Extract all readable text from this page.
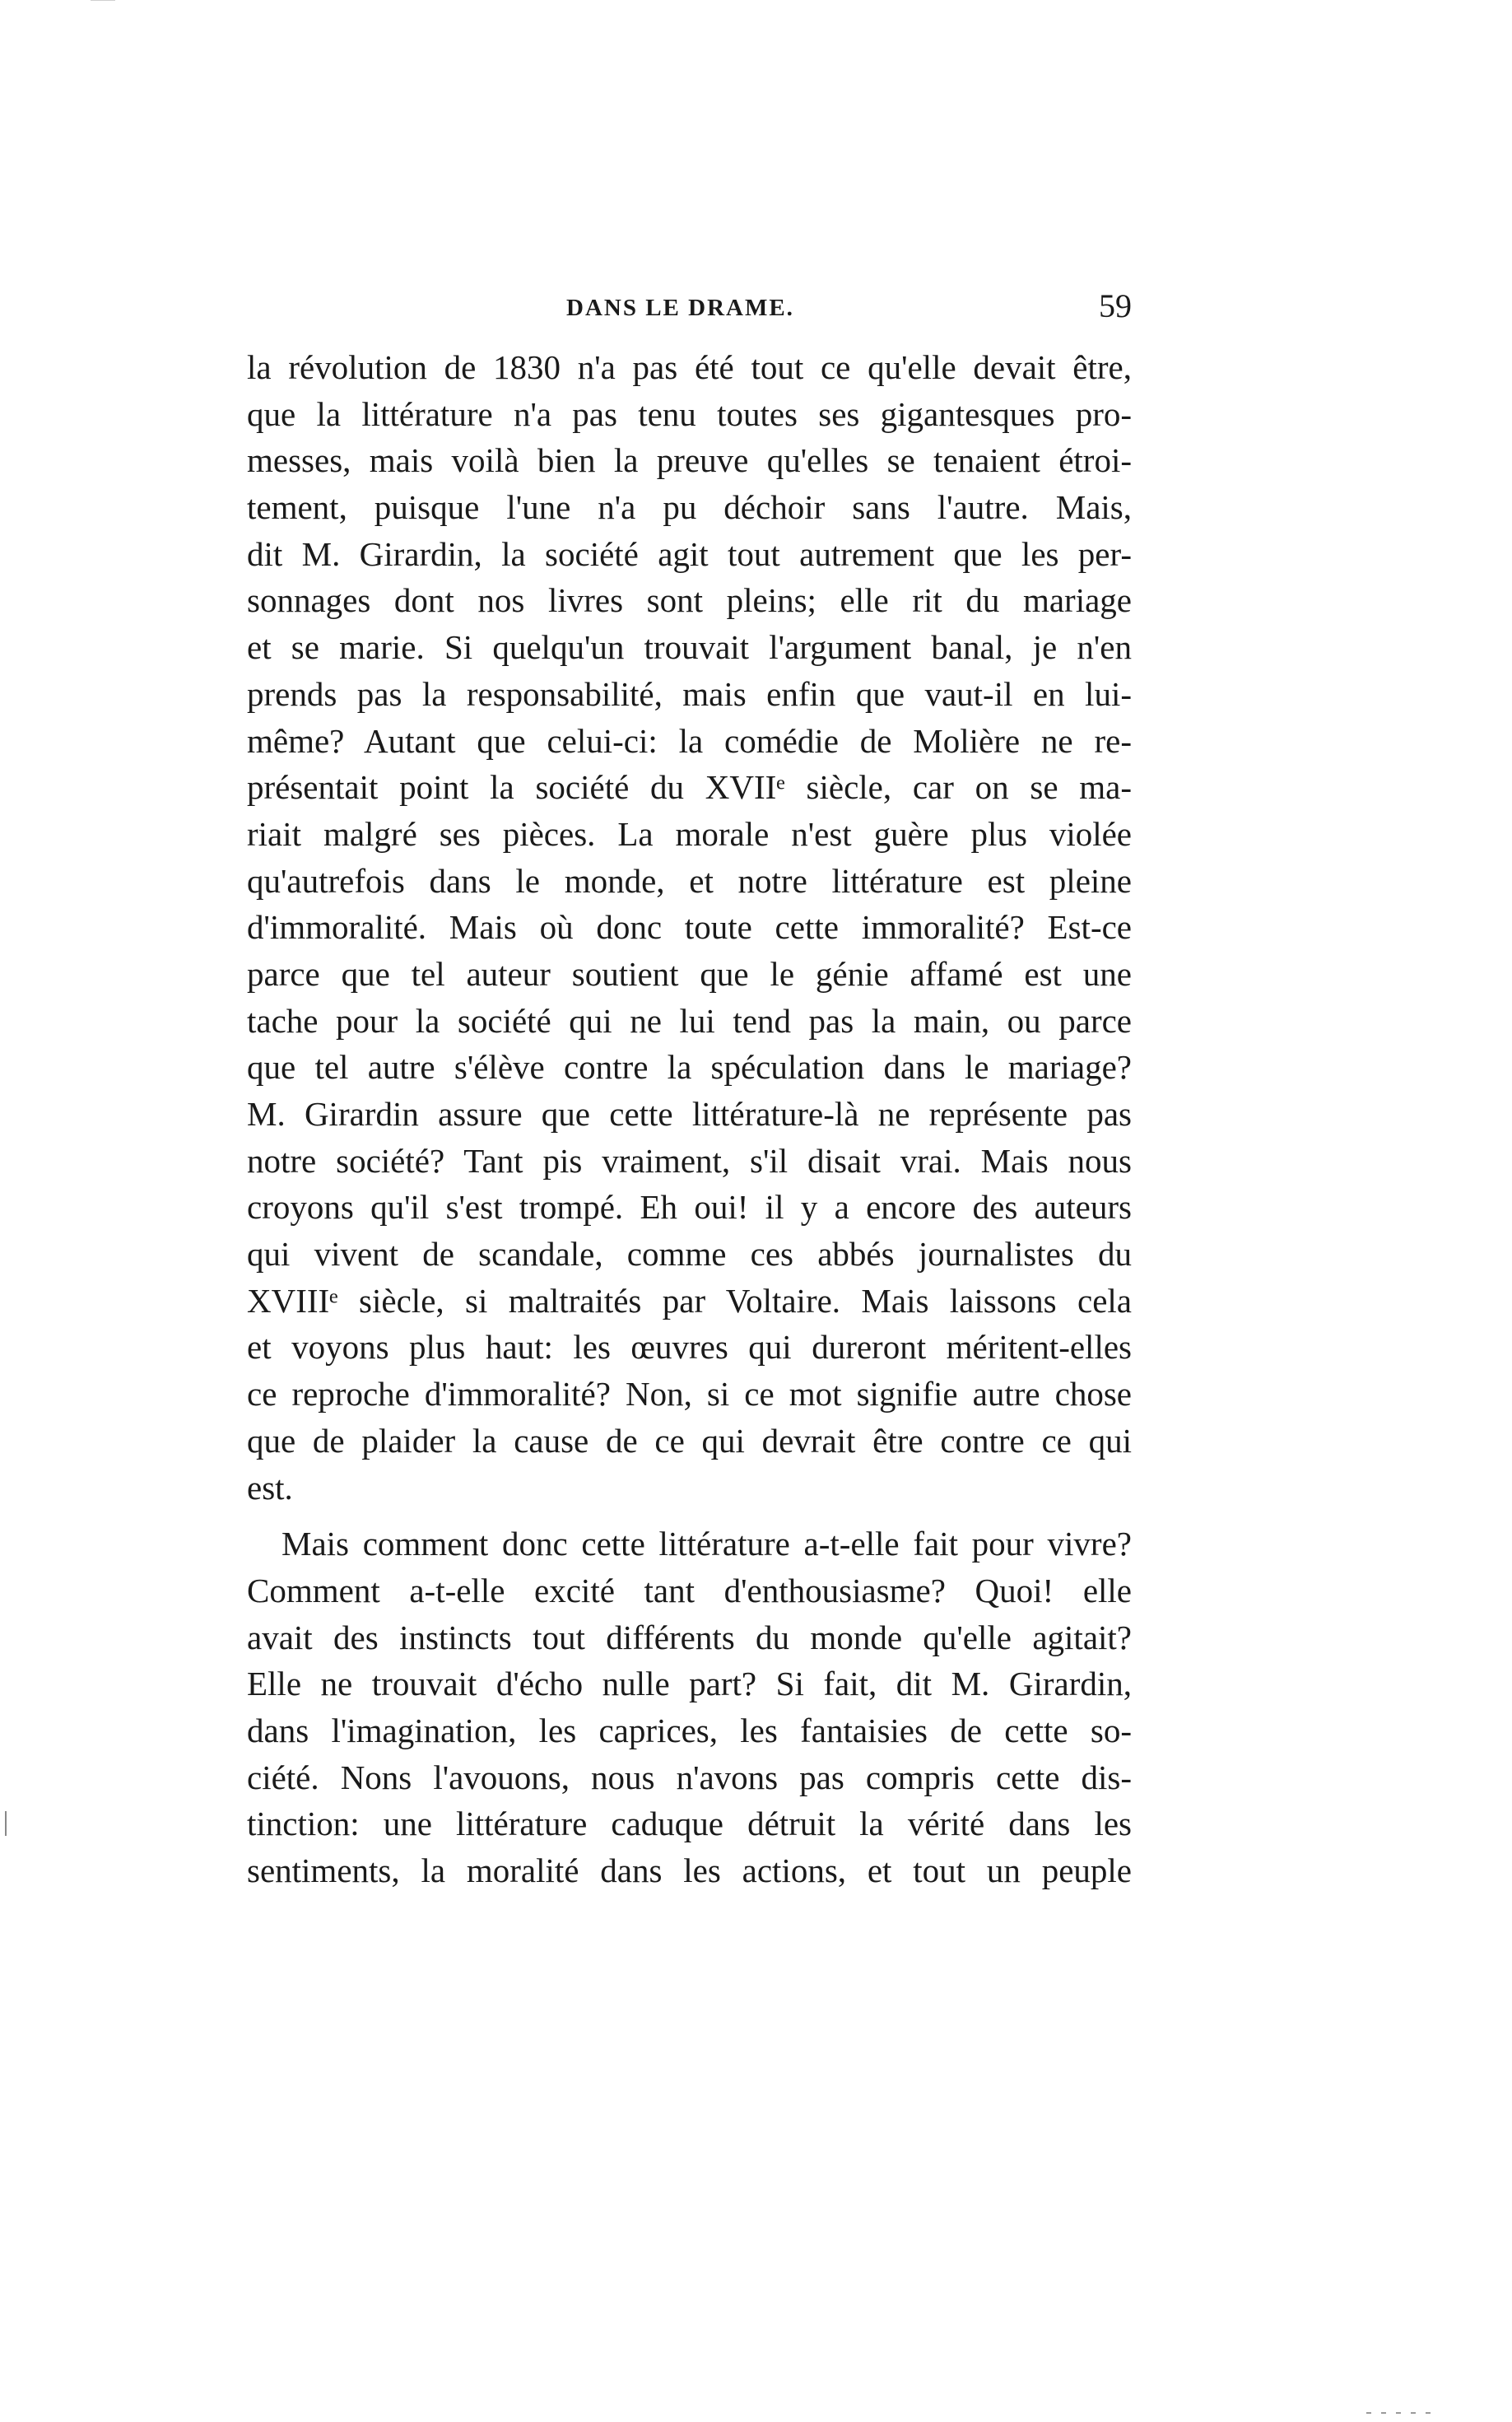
DANS LE DRAME.	59
la révolution de 1830 n'a pas été tout ce qu'elle devait être,
que la littérature n'a pas tenu toutes ses gigantesques pro-
messes, mais voilà bien la preuve qu'elles se tenaient étroi-
tement, puisque l'une n'a pu déchoir sans l'autre. Mais,
dit M. Girardin, la société agit tout autrement que les per-
sonnages dont nos livres sont pleins; elle rit du mariage
et se marie. Si quelqu'un trouvait l'argument banal, je n'en
prends pas la responsabilité, mais enfin que vaut-il en lui-
même? Autant que celui-ci: la comédie de Molière ne re-
présentait point la société du XVIIᵉ siècle, car on se ma-
riait malgré ses pièces. La morale n'est guère plus violée
qu'autrefois dans le monde, et notre littérature est pleine
d'immoralité. Mais où donc toute cette immoralité? Est-ce
parce que tel auteur soutient que le génie affamé est une
tache pour la société qui ne lui tend pas la main, ou parce
que tel autre s'élève contre la spéculation dans le mariage?
M. Girardin assure que cette littérature-là ne représente pas
notre société? Tant pis vraiment, s'il disait vrai. Mais nous
croyons qu'il s'est trompé. Eh oui! il y a encore des auteurs
qui vivent de scandale, comme ces abbés journalistes du
XVIIIᵉ siècle, si maltraités par Voltaire. Mais laissons cela
et voyons plus haut: les œuvres qui dureront méritent-elles
ce reproche d'immoralité? Non, si ce mot signifie autre chose
que de plaider la cause de ce qui devrait être contre ce qui
est.
Mais comment donc cette littérature a-t-elle fait pour vivre?
Comment a-t-elle excité tant d'enthousiasme? Quoi! elle
avait des instincts tout différents du monde qu'elle agitait?
Elle ne trouvait d'écho nulle part? Si fait, dit M. Girardin,
dans l'imagination, les caprices, les fantaisies de cette so-
ciété. Nons l'avouons, nous n'avons pas compris cette dis-
tinction: une littérature caduque détruit la vérité dans les
sentiments, la moralité dans les actions, et tout un peuple
